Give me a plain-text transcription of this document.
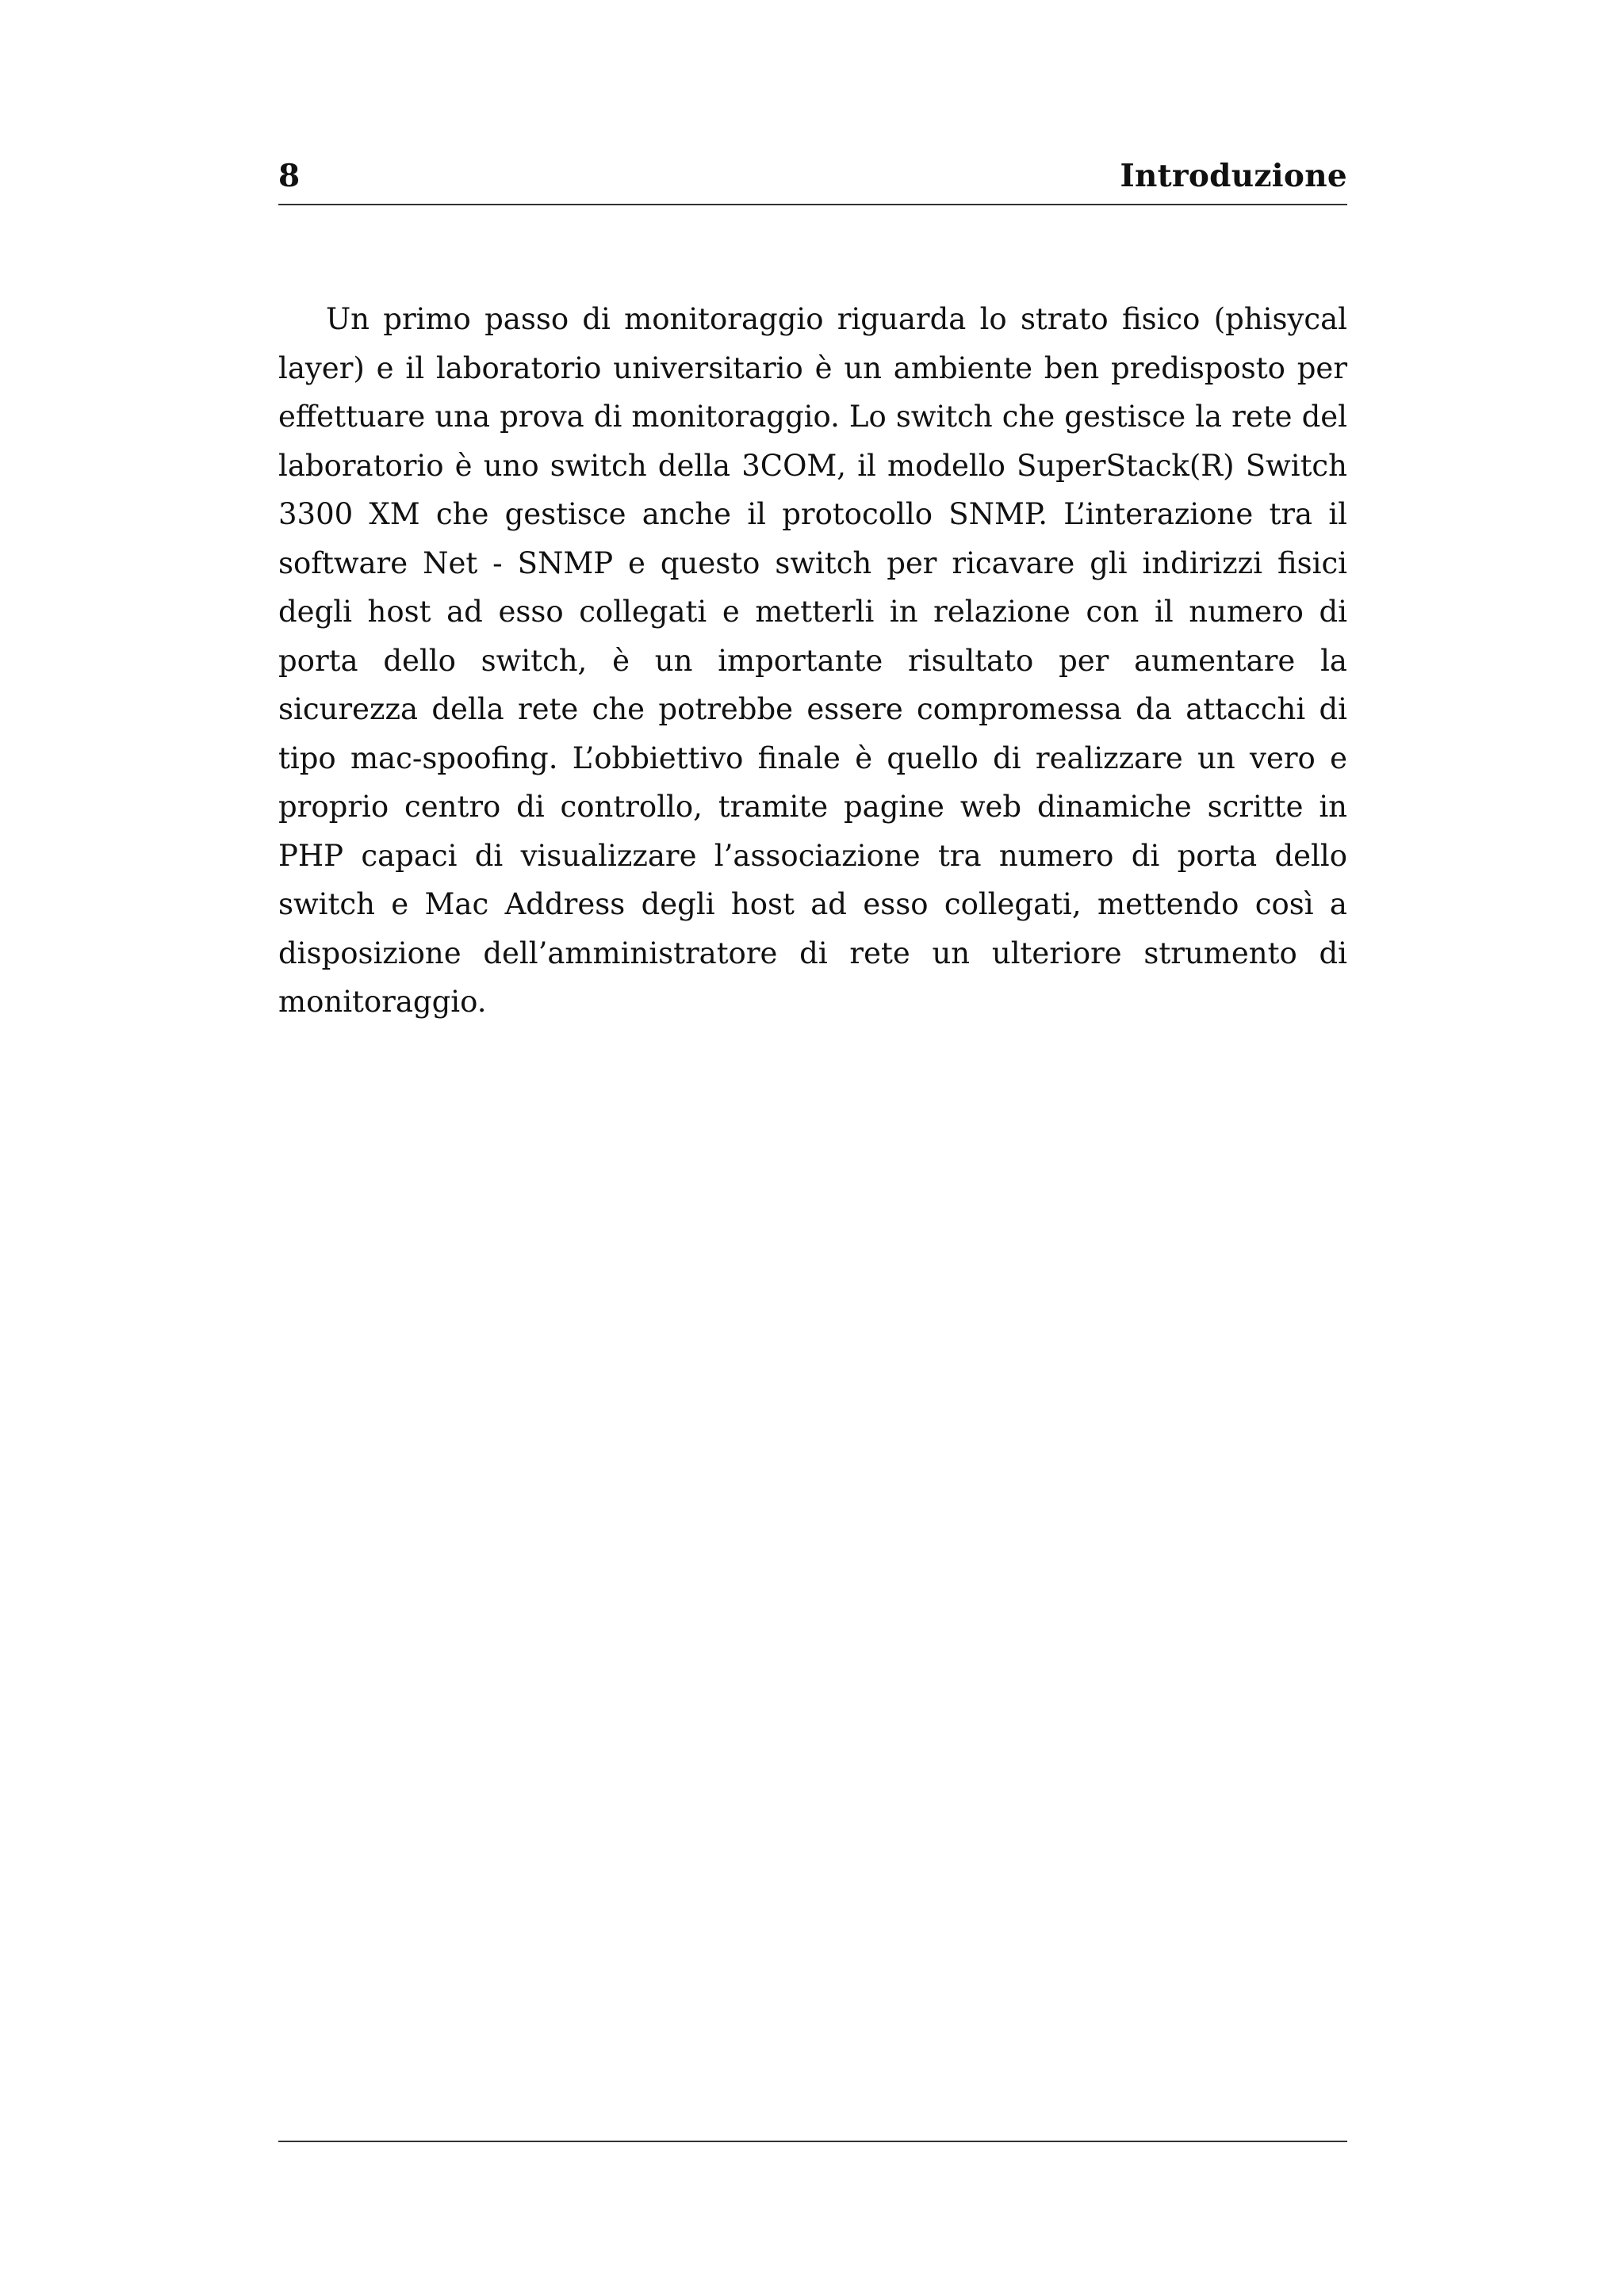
8	Introduzione

Un primo passo di monitoraggio riguarda lo strato fisico (phisycal layer) e il laboratorio universitario è un ambiente ben predisposto per effettuare una prova di monitoraggio. Lo switch che gestisce la rete del laboratorio è uno switch della 3COM, il modello SuperStack(R) Switch 3300 XM che gestisce anche il protocollo SNMP. L’interazione tra il software Net - SNMP e questo switch per ricavare gli indirizzi fisici degli host ad esso collegati e metterli in relazione con il numero di porta dello switch, è un importante risultato per aumentare la sicurezza della rete che potrebbe essere compromessa da attacchi di tipo mac-spoofing. L’obbiettivo finale è quello di realizzare un vero e proprio centro di controllo, tramite pagine web dinamiche scritte in PHP capaci di visualizzare l’associazione tra numero di porta dello switch e Mac Address degli host ad esso collegati, mettendo così a disposizione dell’amministratore di rete un ulteriore strumento di monitoraggio.
